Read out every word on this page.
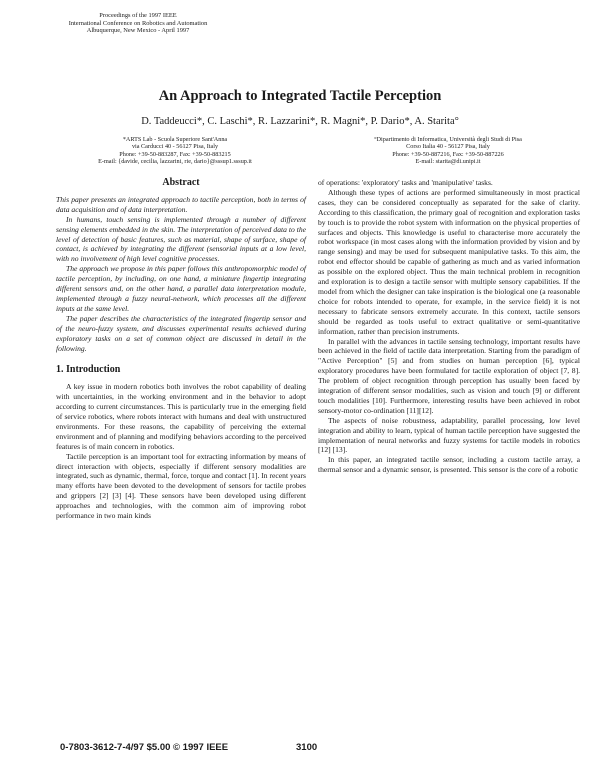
Proceedings of the 1997 IEEE
International Conference on Robotics and Automation
Albuquerque, New Mexico - April 1997
An Approach to Integrated Tactile Perception
D. Taddeucci*, C. Laschi*, R. Lazzarini*, R. Magni*, P. Dario*, A. Starita°
*ARTS Lab - Scuola Superiore Sant'Anna
via Carducci 40 - 56127 Pisa, Italy
Phone: +39-50-883287, Fax: +39-50-883215
E-mail: {davide, cecilia, lazzarini, rie, dario}@sssup1.sssup.it
°Dipartimento di Informatica, Università degli Studi di Pisa
Corso Italia 40 - 56127 Pisa, Italy
Phone: +39-50-887216, Fax: +39-50-887226
E-mail: starita@di.unipi.it
Abstract

This paper presents an integrated approach to tactile perception, both in terms of data acquisition and of data interpretation.

In humans, touch sensing is implemented through a number of different sensing elements embedded in the skin. The interpretation of perceived data to the level of detection of basic features, such as material, shape of surface, shape of contact, is achieved by integrating the different (sensorial inputs at a low level, with no involvement of high level cognitive processes.

The approach we propose in this paper follows this anthropomorphic model of tactile perception, by including, on one hand, a miniature fingertip integrating different sensors and, on the other hand, a parallel data interpretation module, implemented through a fuzzy neural-network, which processes all the different inputs at the same level.

The paper describes the characteristics of the integrated fingertip sensor and of the neuro-fuzzy system, and discusses experimental results achieved during exploratory tasks on a set of common object are discussed in detail in the following.

1. Introduction

A key issue in modern robotics both involves the robot capability of dealing with uncertainties, in the working environment and in the behavior to adopt according to current circumstances. This is particularly true in the emerging field of service robotics, where robots interact with humans and deal with unstructured environments. For these reasons, the capability of perceiving the external environment and of planning and modifying behaviors according to the perceived features is of main concern in robotics.

Tactile perception is an important tool for extracting information by means of direct interaction with objects, especially if different sensory modalities are integrated, such as dynamic, thermal, force, torque and contact [1]. In recent years many efforts have been devoted to the development of sensors for tactile probes and grippers [2] [3] [4]. These sensors have been developed using different approaches and technologies, with the common aim of improving robot performance in two main kinds

of operations: 'exploratory' tasks and 'manipulative' tasks.

Although these types of actions are performed simultaneously in most practical cases, they can be considered conceptually as separated for the sake of clarity. According to this classification, the primary goal of recognition and exploration tasks by touch is to provide the robot system with information on the physical properties of surfaces and objects. This knowledge is useful to characterise more accurately the robot workspace (in most cases along with the information provided by vision and by range sensing) and may be used for subsequent manipulative tasks. To this aim, the robot end effector should be capable of gathering as much and as varied information as possible on the explored object. Thus the main technical problem in recognition and exploration is to design a tactile sensor with multiple sensory capabilities. If the model from which the designer can take inspiration is the biological one (a reasonable choice for robots intended to operate, for example, in the service field) it is not necessary to fabricate sensors extremely accurate. In this context, tactile sensors should be regarded as tools useful to extract qualitative or semi-quantitative information, rather than precision instruments.

In parallel with the advances in tactile sensing technology, important results have been achieved in the field of tactile data interpretation. Starting from the paradigm of "Active Perception" [5] and from studies on human perception [6], typical exploratory procedures have been formulated for tactile exploration of object [7, 8]. The problem of object recognition through perception has usually been faced by integration of different sensor modalities, such as vision and touch [9] or different touch modalities [10]. Furthermore, interesting results have been achieved in robot sensory-motor co-ordination [11][12].

The aspects of noise robustness, adaptability, parallel processing, low level integration and ability to learn, typical of human tactile perception have suggested the implementation of neural networks and fuzzy systems for tactile models in robotics [12] [13].

In this paper, an integrated tactile sensor, including a custom tactile array, a thermal sensor and a dynamic sensor, is presented. This sensor is the core of a robotic

0-7803-3612-7-4/97 $5.00 © 1997 IEEE	3100
